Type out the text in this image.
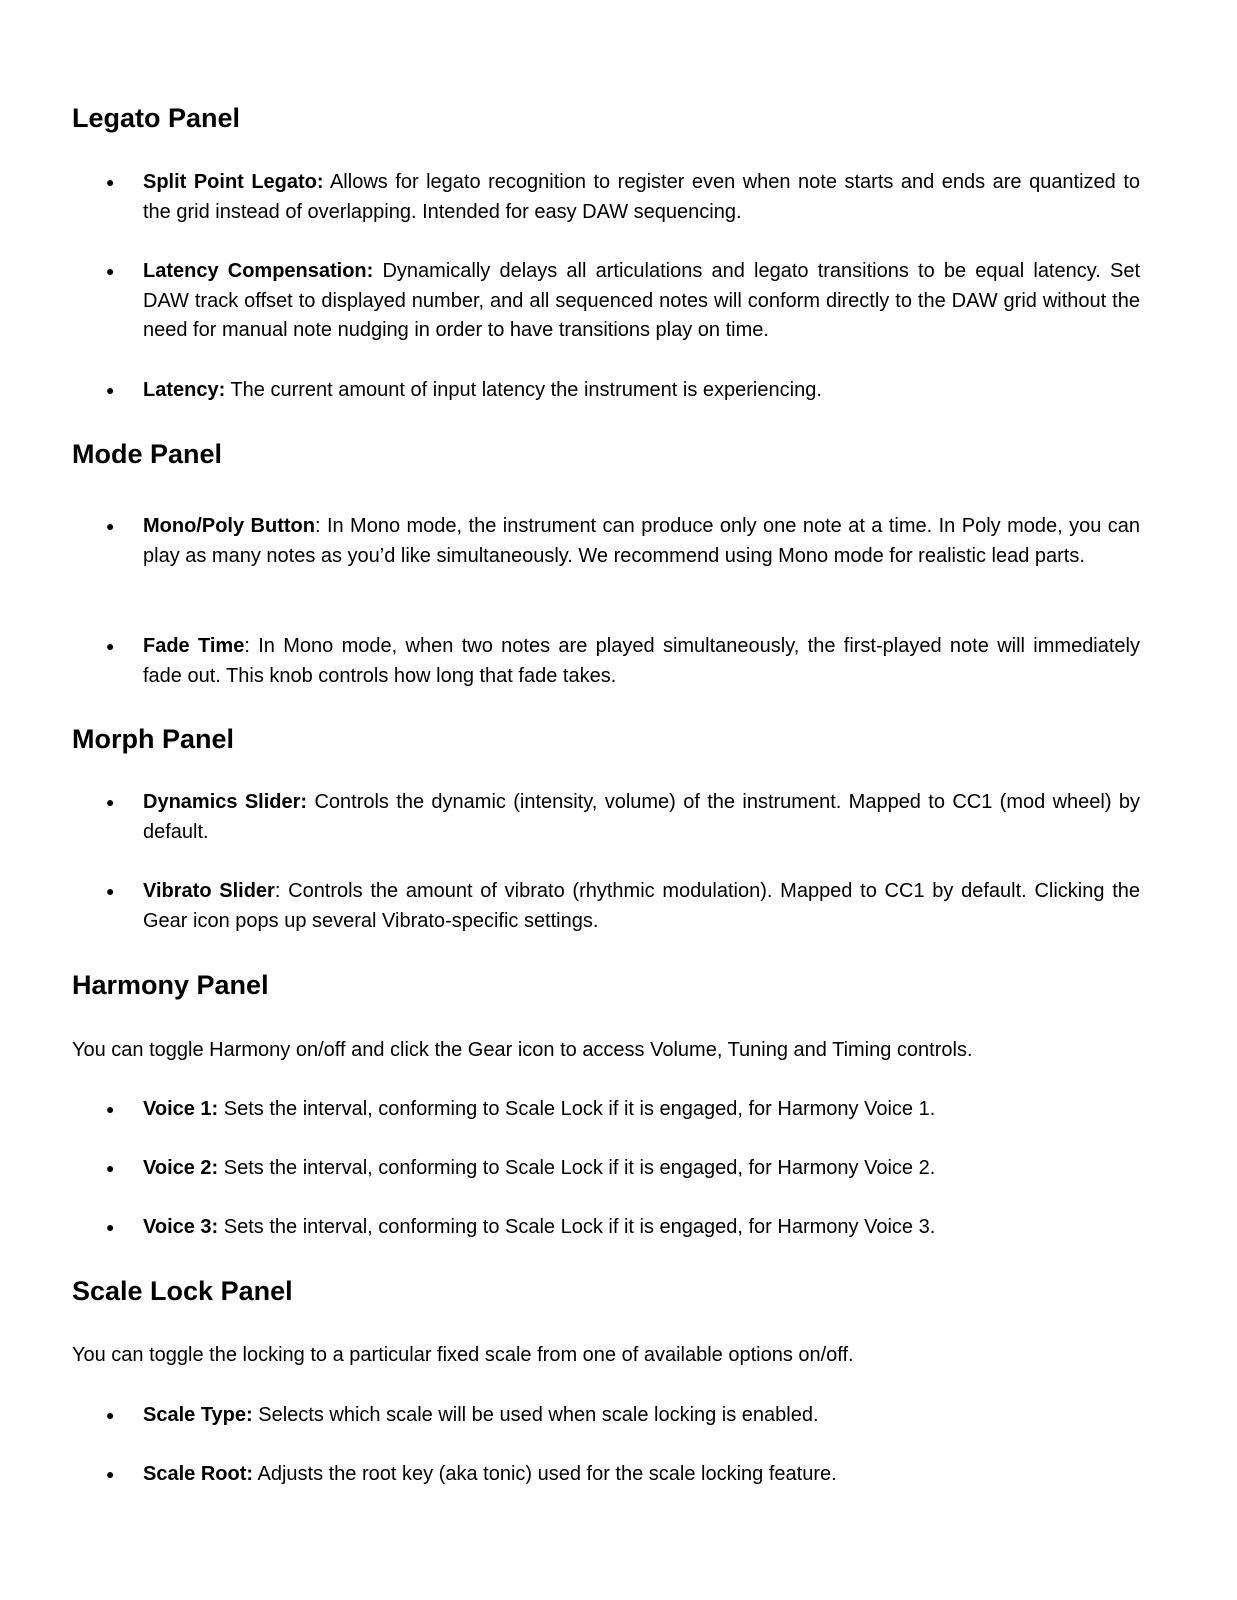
Legato Panel
● Split Point Legato: Allows for legato recognition to register even when note starts and ends are quantized to the grid instead of overlapping. Intended for easy DAW sequencing.
● Latency Compensation: Dynamically delays all articulations and legato transitions to be equal latency. Set DAW track offset to displayed number, and all sequenced notes will conform directly to the DAW grid without the need for manual note nudging in order to have transitions play on time.
● Latency: The current amount of input latency the instrument is experiencing.
Mode Panel
● Mono/Poly Button: In Mono mode, the instrument can produce only one note at a time. In Poly mode, you can play as many notes as you’d like simultaneously. We recommend using Mono mode for realistic lead parts.
● Fade Time: In Mono mode, when two notes are played simultaneously, the first-played note will immediately fade out. This knob controls how long that fade takes.
Morph Panel
● Dynamics Slider: Controls the dynamic (intensity, volume) of the instrument. Mapped to CC1 (mod wheel) by default.
● Vibrato Slider: Controls the amount of vibrato (rhythmic modulation). Mapped to CC1 by default. Clicking the Gear icon pops up several Vibrato-specific settings.
Harmony Panel
You can toggle Harmony on/off and click the Gear icon to access Volume, Tuning and Timing controls.
● Voice 1: Sets the interval, conforming to Scale Lock if it is engaged, for Harmony Voice 1.
● Voice 2: Sets the interval, conforming to Scale Lock if it is engaged, for Harmony Voice 2.
● Voice 3: Sets the interval, conforming to Scale Lock if it is engaged, for Harmony Voice 3.
Scale Lock Panel
You can toggle the locking to a particular fixed scale from one of available options on/off.
● Scale Type: Selects which scale will be used when scale locking is enabled.
● Scale Root: Adjusts the root key (aka tonic) used for the scale locking feature.
